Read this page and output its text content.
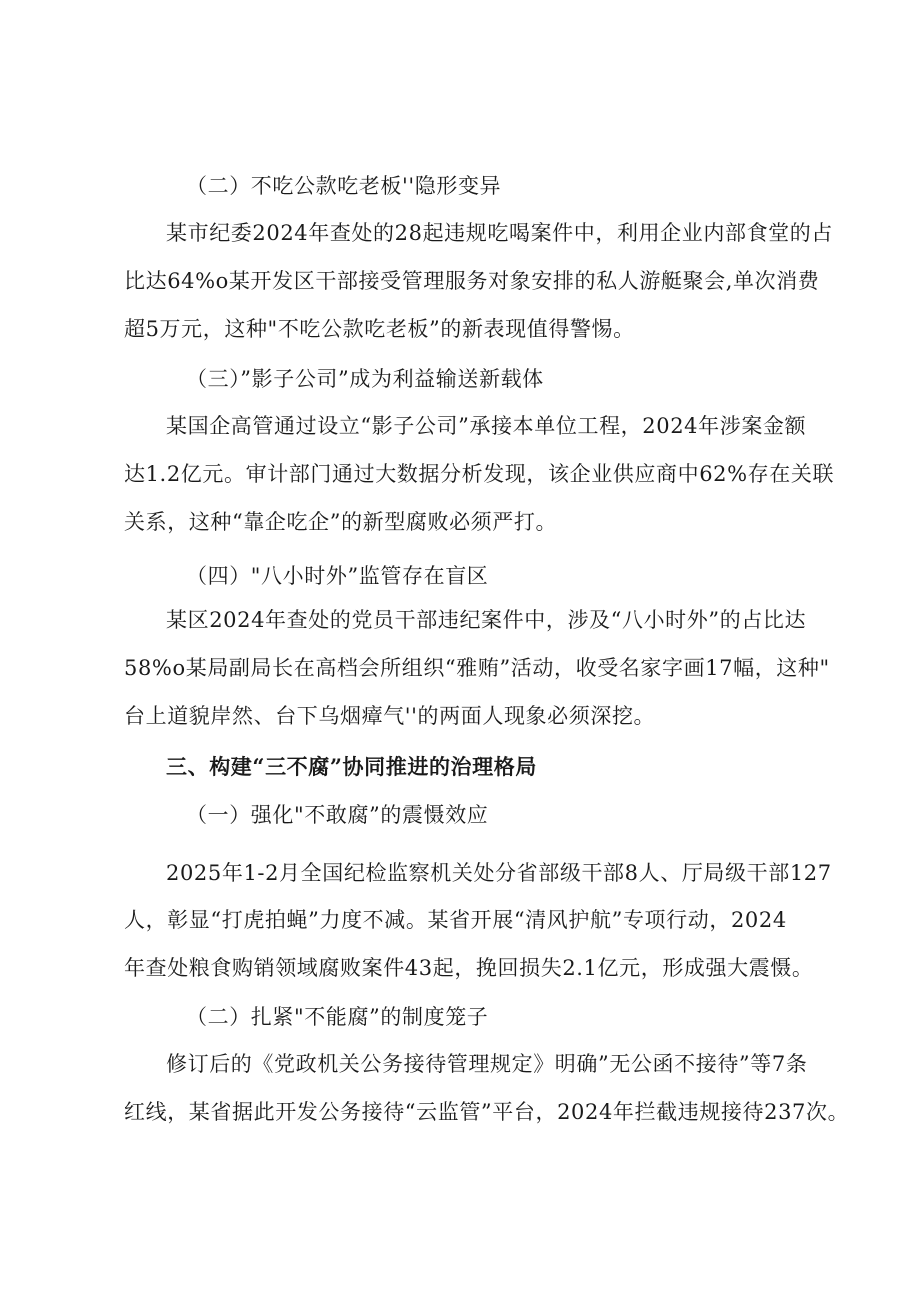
（二）不吃公款吃老板''隐形变异
某市纪委2024年查处的28起违规吃喝案件中，利用企业内部食堂的占
比达64%o某开发区干部接受管理服务对象安排的私人游艇聚会,单次消费
超5万元，这种"不吃公款吃老板”的新表现值得警惕。
（三）”影子公司”成为利益输送新载体
某国企高管通过设立“影子公司”承接本单位工程，2024年涉案金额
达1.2亿元。审计部门通过大数据分析发现，该企业供应商中62%存在关联
关系，这种“靠企吃企”的新型腐败必须严打。
（四）"八小时外”监管存在盲区
某区2024年查处的党员干部违纪案件中，涉及“八小时外”的占比达
58%o某局副局长在高档会所组织“雅贿”活动，收受名家字画17幅，这种"
台上道貌岸然、台下乌烟瘴气''的两面人现象必须深挖。
三、构建“三不腐”协同推进的治理格局
（一）强化"不敢腐”的震慑效应
2025年1-2月全国纪检监察机关处分省部级干部8人、厅局级干部127
人，彰显“打虎拍蝇”力度不减。某省开展“清风护航”专项行动，2024
年查处粮食购销领域腐败案件43起，挽回损失2.1亿元，形成强大震慑。
（二）扎紧"不能腐”的制度笼子
修订后的《党政机关公务接待管理规定》明确”无公函不接待”等7条
红线，某省据此开发公务接待“云监管”平台，2024年拦截违规接待237次。
